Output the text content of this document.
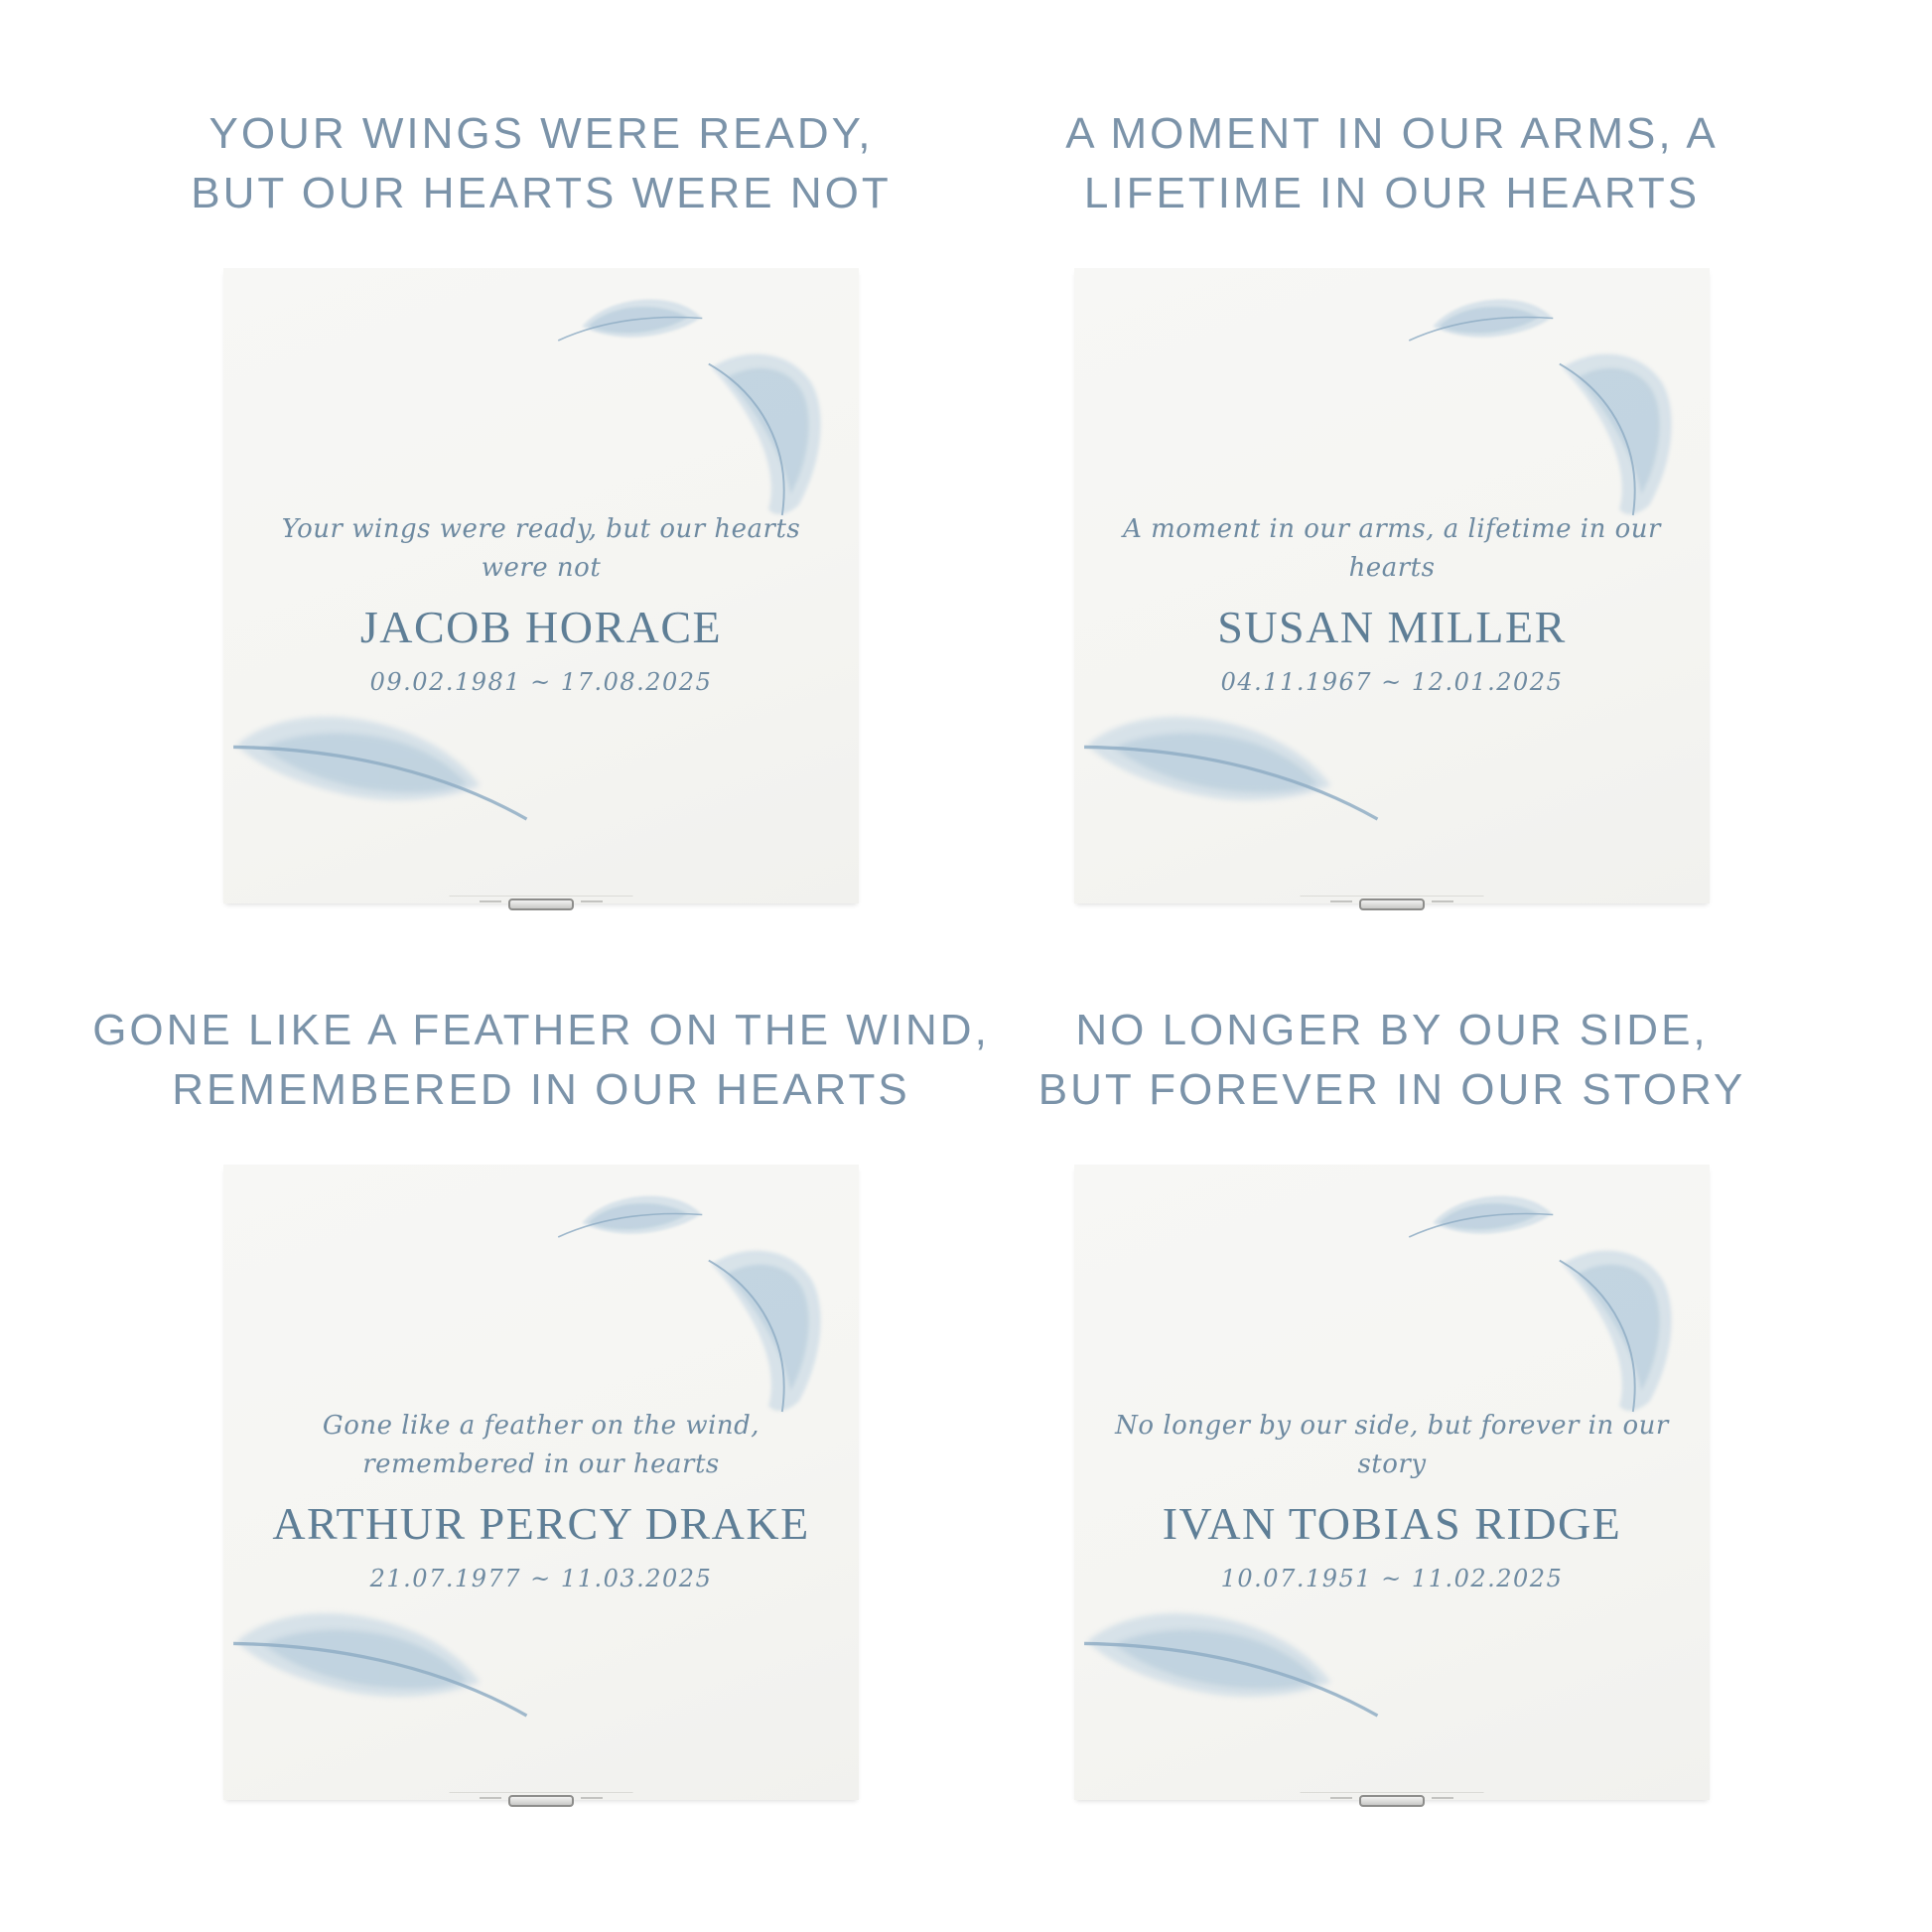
YOUR WINGS WERE READY,
BUT OUR HEARTS WERE NOT
Your wings were ready, but our hearts were not
JACOB HORACE
09.02.1981 ~ 17.08.2025
A MOMENT IN OUR ARMS, A
LIFETIME IN OUR HEARTS
A moment in our arms, a lifetime in our hearts
SUSAN MILLER
04.11.1967 ~ 12.01.2025
GONE LIKE A FEATHER ON THE WIND,
REMEMBERED IN OUR HEARTS
Gone like a feather on the wind,
remembered in our hearts
ARTHUR PERCY DRAKE
21.07.1977 ~ 11.03.2025
NO LONGER BY OUR SIDE,
BUT FOREVER IN OUR STORY
No longer by our side, but forever in our story
IVAN TOBIAS RIDGE
10.07.1951 ~ 11.02.2025
